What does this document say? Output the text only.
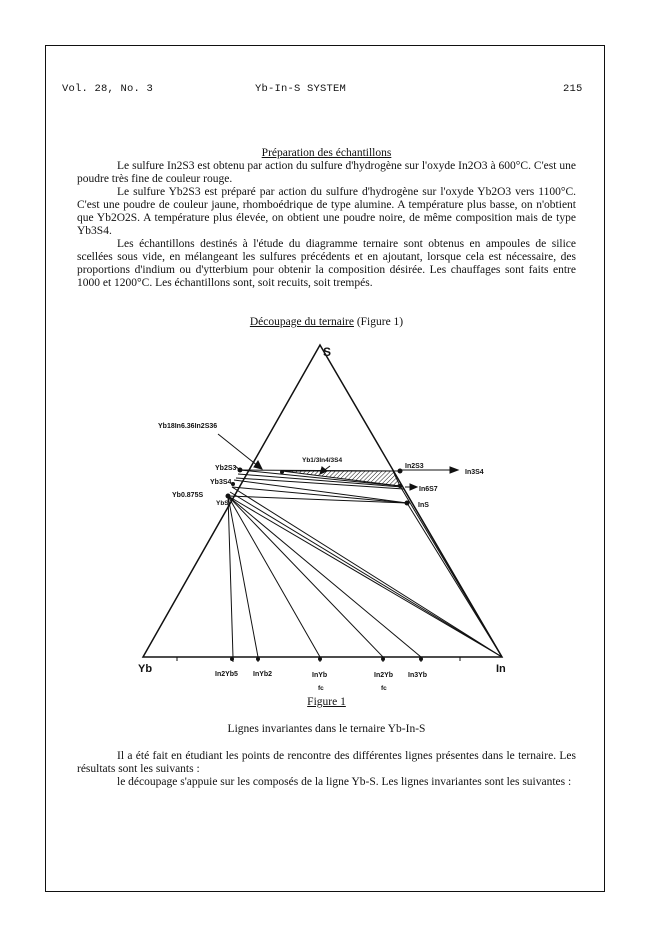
Vol. 28, No. 3	Yb-In-S SYSTEM	215
Préparation des échantillons

Le sulfure In2S3 est obtenu par action du sulfure d'hydrogène sur l'oxyde In2O3 à 600°C. C'est une poudre très fine de couleur rouge.

Le sulfure Yb2S3 est préparé par action du sulfure d'hydrogène sur l'oxyde Yb2O3 vers 1100°C. C'est une poudre de couleur jaune, rhomboédrique de type alumine. A température plus basse, on n'obtient que Yb2O2S. A température plus élevée, on obtient une poudre noire, de même composition mais de type Yb3S4.

Les échantillons destinés à l'étude du diagramme ternaire sont obtenus en ampoules de silice scellées sous vide, en mélangeant les sulfures précédents et en ajoutant, lorsque cela est nécessaire, des proportions d'indium ou d'ytterbium pour obtenir la composition désirée. Les chauffages sont faits entre 1000 et 1200°C. Les échantillons sont, soit recuits, soit trempés.

Découpage du ternaire (Figure 1)
S
Yb	In
Yb18In6.36In2S36
Yb1/3In4/3S4
Yb2S3
Yb3S4
Yb0.875S
YbS
In2S3
In3S4
In6S7
InS
In2Yb5 InYb2	InYb	In2Yb In3Yb
fc	fc
Figure 1
Lignes invariantes dans le ternaire Yb-In-S

Il a été fait en étudiant les points de rencontre des différentes lignes présentes dans le ternaire. Les résultats sont les suivants :

le découpage s'appuie sur les composés de la ligne Yb-S. Les lignes invariantes sont les suivantes :
